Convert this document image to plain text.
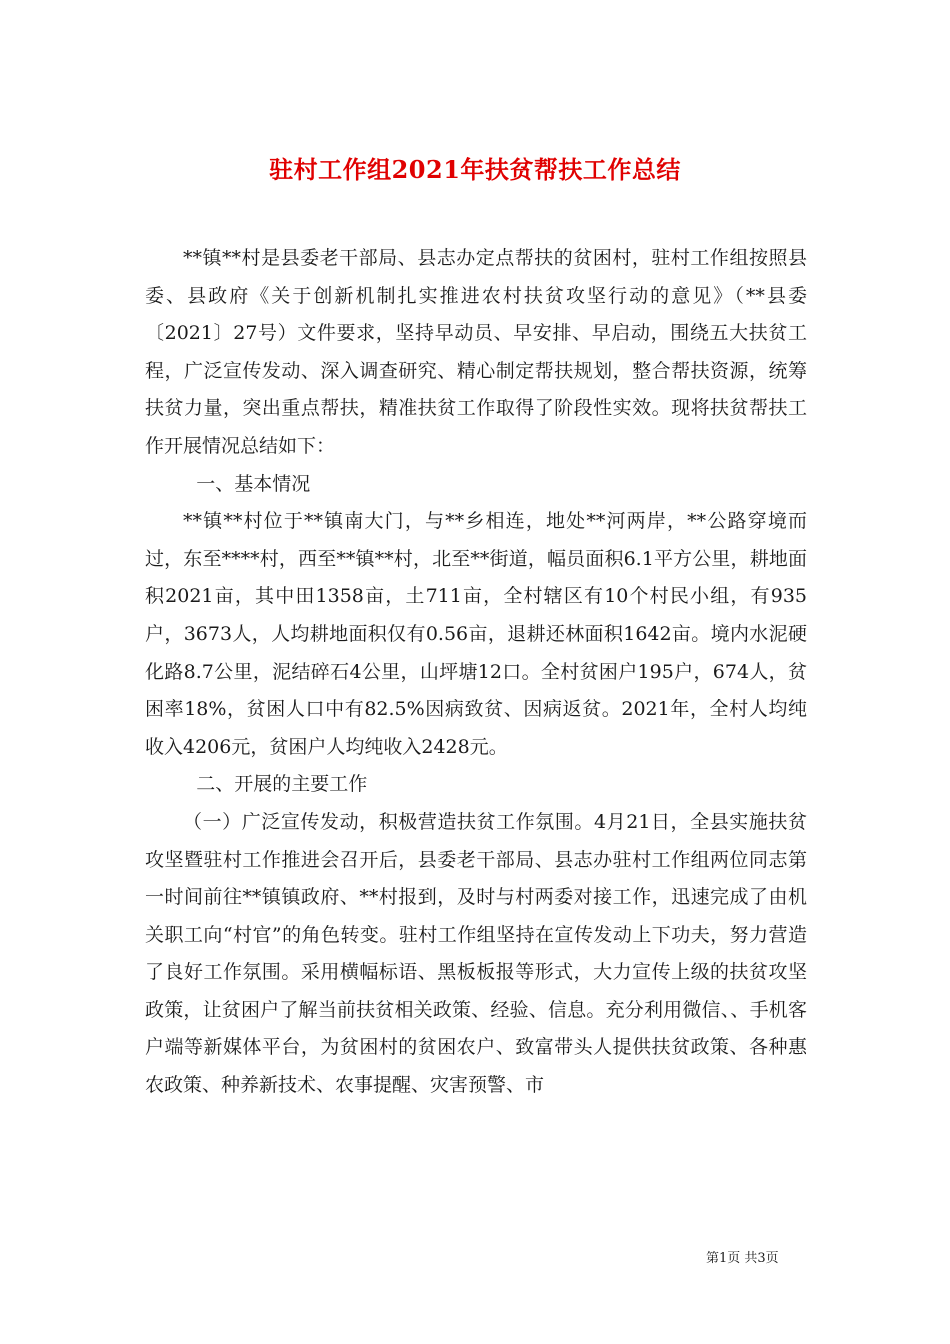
驻村工作组2021年扶贫帮扶工作总结

**镇**村是县委老干部局、县志办定点帮扶的贫困村，驻村工作组按照县委、县政府《关于创新机制扎实推进农村扶贫攻坚行动的意见》（**县委〔2021〕27号）文件要求，坚持早动员、早安排、早启动，围绕五大扶贫工程，广泛宣传发动、深入调查研究、精心制定帮扶规划，整合帮扶资源，统筹扶贫力量，突出重点帮扶，精准扶贫工作取得了阶段性实效。现将扶贫帮扶工作开展情况总结如下：

一、基本情况

**镇**村位于**镇南大门，与**乡相连，地处**河两岸，**公路穿境而过，东至****村，西至**镇**村，北至**街道，幅员面积6.1平方公里，耕地面积2021亩，其中田1358亩，土711亩，全村辖区有10个村民小组，有935户，3673人，人均耕地面积仅有0.56亩，退耕还林面积1642亩。境内水泥硬化路8.7公里，泥结碎石4公里，山坪塘12口。全村贫困户195户，674人，贫困率18%，贫困人口中有82.5%因病致贫、因病返贫。2021年，全村人均纯收入4206元，贫困户人均纯收入2428元。

二、开展的主要工作

（一）广泛宣传发动，积极营造扶贫工作氛围。4月21日，全县实施扶贫攻坚暨驻村工作推进会召开后，县委老干部局、县志办驻村工作组两位同志第一时间前往**镇镇政府、**村报到，及时与村两委对接工作，迅速完成了由机关职工向“村官”的角色转变。驻村工作组坚持在宣传发动上下功夫，努力营造了良好工作氛围。采用横幅标语、黑板板报等形式，大力宣传上级的扶贫攻坚政策，让贫困户了解当前扶贫相关政策、经验、信息。充分利用微信、、手机客户端等新媒体平台，为贫困村的贫困农户、致富带头人提供扶贫政策、各种惠农政策、种养新技术、农事提醒、灾害预警、市

第1页 共3页
